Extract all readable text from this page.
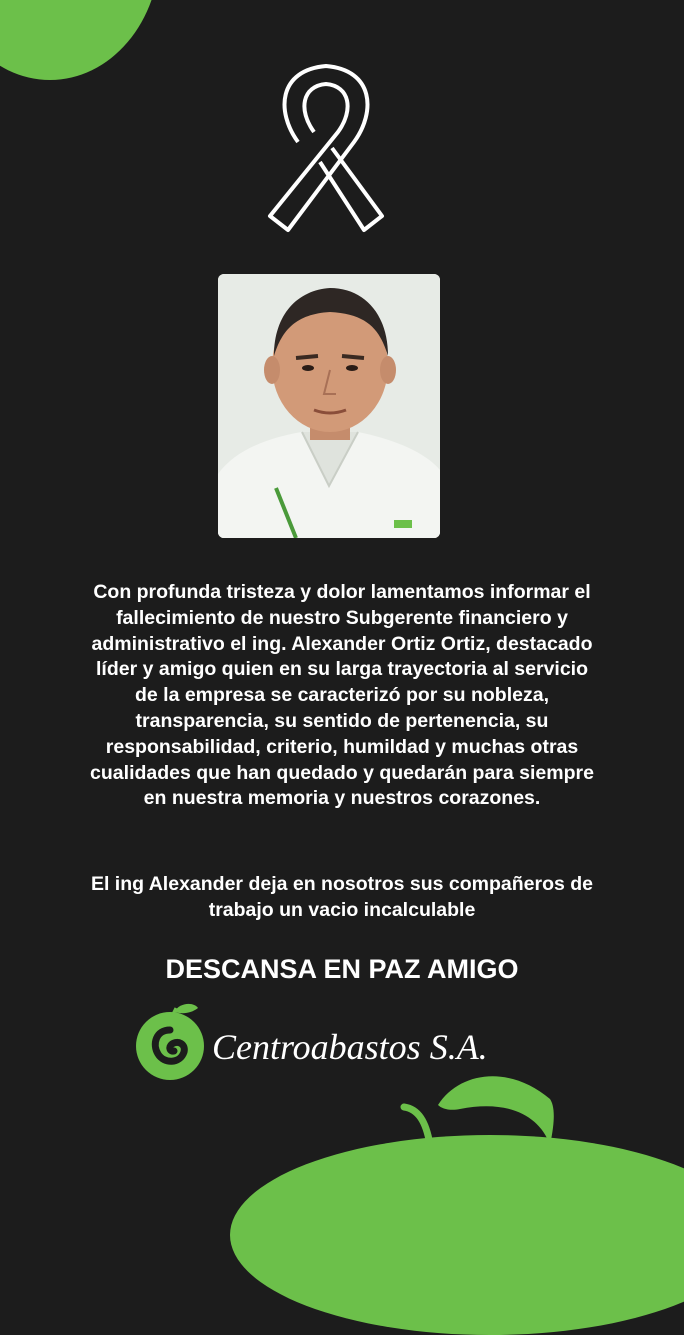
Con profunda tristeza y dolor lamentamos informar el fallecimiento de nuestro Subgerente financiero y administrativo el ing. Alexander Ortiz Ortiz, destacado líder y amigo quien en su larga trayectoria al servicio de la empresa se caracterizó por su nobleza, transparencia, su sentido de pertenencia, su responsabilidad, criterio, humildad y muchas otras cualidades que han quedado y quedarán para siempre en nuestra memoria y nuestros corazones.

El ing Alexander deja en nosotros sus compañeros de trabajo un vacio incalculable

DESCANSA EN PAZ AMIGO
Centroabastos S.A.
